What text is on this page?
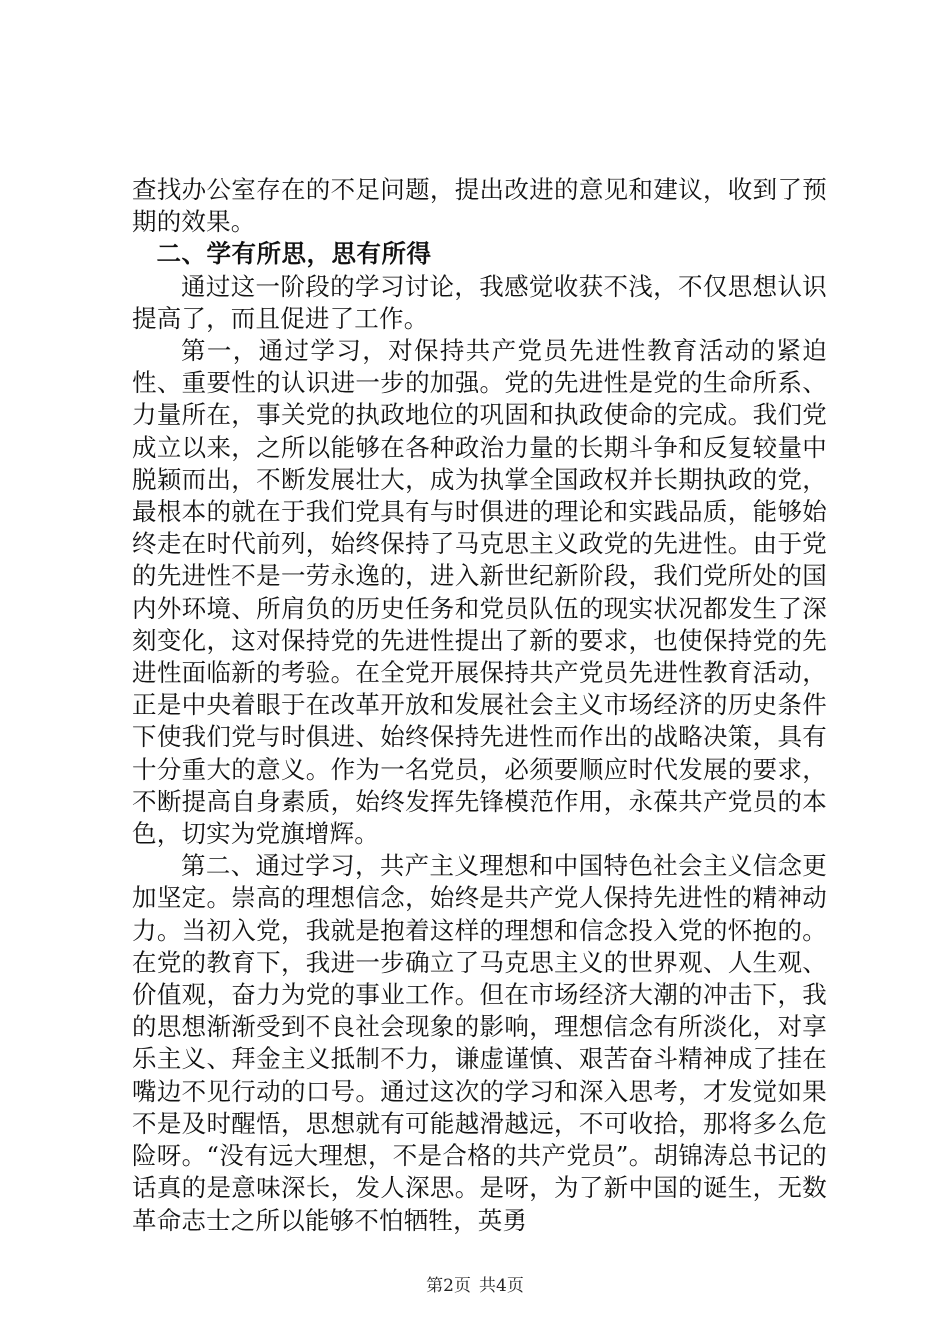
查找办公室存在的不足问题，提出改进的意见和建议，收到了预期的效果。

二、学有所思，思有所得

通过这一阶段的学习讨论，我感觉收获不浅，不仅思想认识提高了，而且促进了工作。

第一，通过学习，对保持共产党员先进性教育活动的紧迫性、重要性的认识进一步的加强。党的先进性是党的生命所系、力量所在，事关党的执政地位的巩固和执政使命的完成。我们党成立以来，之所以能够在各种政治力量的长期斗争和反复较量中脱颖而出，不断发展壮大，成为执掌全国政权并长期执政的党，最根本的就在于我们党具有与时俱进的理论和实践品质，能够始终走在时代前列，始终保持了马克思主义政党的先进性。由于党的先进性不是一劳永逸的，进入新世纪新阶段，我们党所处的国内外环境、所肩负的历史任务和党员队伍的现实状况都发生了深刻变化，这对保持党的先进性提出了新的要求，也使保持党的先进性面临新的考验。在全党开展保持共产党员先进性教育活动，正是中央着眼于在改革开放和发展社会主义市场经济的历史条件下使我们党与时俱进、始终保持先进性而作出的战略决策，具有十分重大的意义。作为一名党员，必须要顺应时代发展的要求，不断提高自身素质，始终发挥先锋模范作用，永葆共产党员的本色，切实为党旗增辉。

第二、通过学习，共产主义理想和中国特色社会主义信念更加坚定。崇高的理想信念，始终是共产党人保持先进性的精神动力。当初入党，我就是抱着这样的理想和信念投入党的怀抱的。在党的教育下，我进一步确立了马克思主义的世界观、人生观、价值观，奋力为党的事业工作。但在市场经济大潮的冲击下，我的思想渐渐受到不良社会现象的影响，理想信念有所淡化，对享乐主义、拜金主义抵制不力，谦虚谨慎、艰苦奋斗精神成了挂在嘴边不见行动的口号。通过这次的学习和深入思考，才发觉如果不是及时醒悟，思想就有可能越滑越远，不可收拾，那将多么危险呀。“没有远大理想，不是合格的共产党员”。胡锦涛总书记的话真的是意味深长，发人深思。是呀，为了新中国的诞生，无数革命志士之所以能够不怕牺牲，英勇

第2页 共4页
